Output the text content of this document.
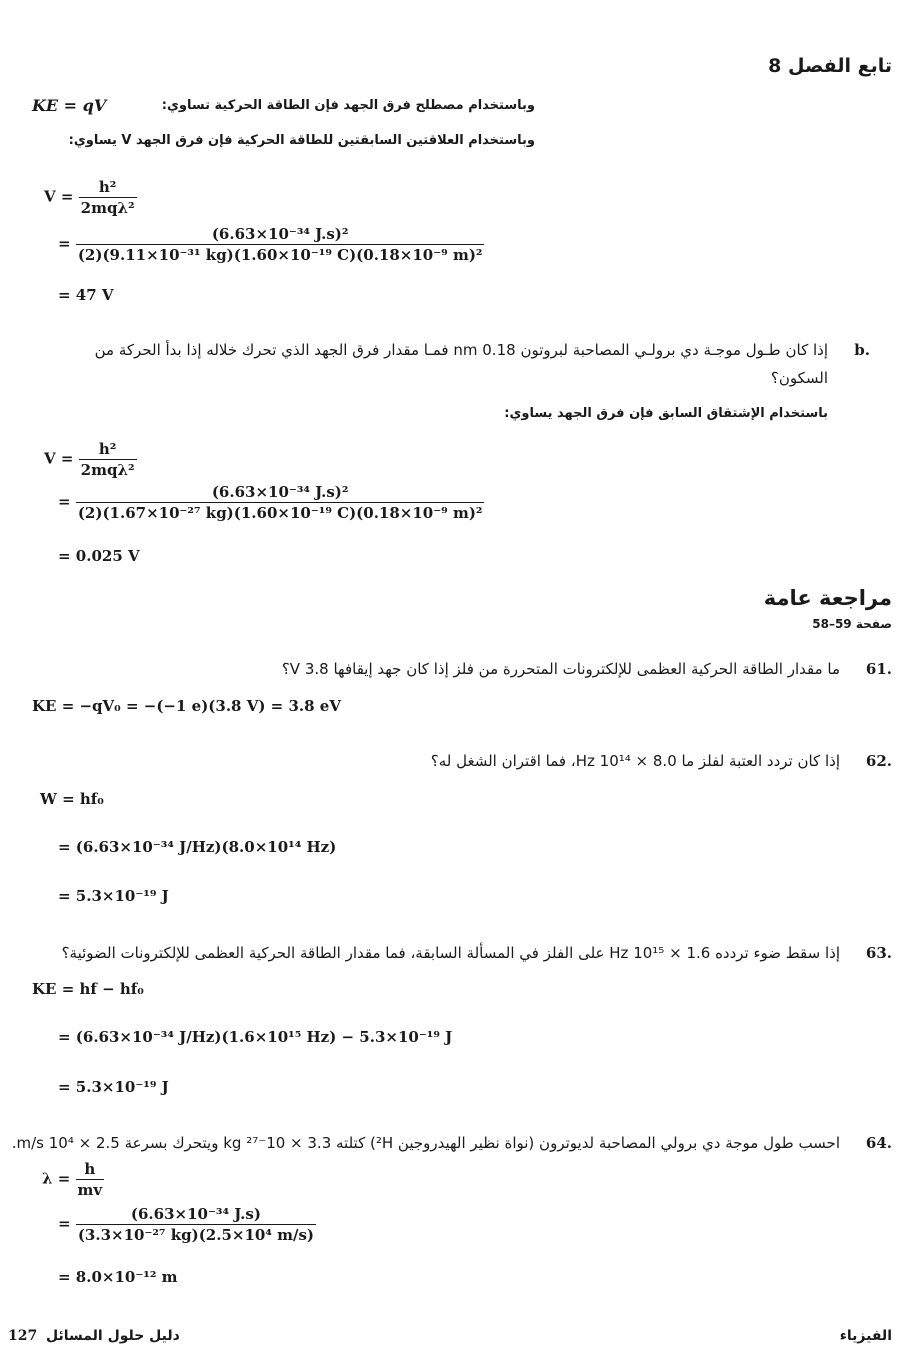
تابع الفصل 8
وباستخدام مصطلح فرق الجهد فإن الطاقة الحركية تساوي:
KE = qV
وباستخدام العلاقتين السابقتين للطاقة الحركية فإن فرق الجهد V يساوي:
$V = \frac{\text{h²}}{\text{2mqλ²}}$
= $\frac{\text{(6.63×10⁻³⁴ J.s)²}}{\text{(2)(9.11×10⁻³¹ kg)(1.60×10⁻¹⁹ C)(0.18×10⁻⁹ m)²}}$
= 47 V
b.
إذا كان طـول موجـة دي برولـي المصاحبة لبروتون 0.18 nm فمـا مقدار فرق الجهد الذي تحرك خلاله إذا بدأ الحركة من
السكون؟
باستخدام الإشتقاق السابق فإن فرق الجهد يساوي:
$V = \frac{\text{h²}}{\text{2mqλ²}}$
= $\frac{\text{(6.63×10⁻³⁴ J.s)²}}{\text{(2)(1.67×10⁻²⁷ kg)(1.60×10⁻¹⁹ C)(0.18×10⁻⁹ m)²}}$
= 0.025 V
مراجعة عامة
صفحة 59–58
61.
ما مقدار الطاقة الحركية العظمى للإلكترونات المتحررة من فلز إذا كان جهد إيقافها 3.8 V؟
KE = −qV₀ = −(−1 e)(3.8 V) = 3.8 eV
62.
إذا كان تردد العتبة لفلز ما 8.0 × 10¹⁴ Hz، فما اقتران الشغل له؟
W = hf₀
= (6.63×10⁻³⁴ J/Hz)(8.0×10¹⁴ Hz)
= 5.3×10⁻¹⁹ J
63.
إذا سقط ضوء تردده 1.6 × 10¹⁵ Hz على الفلز في المسألة السابقة، فما مقدار الطاقة الحركية العظمى للإلكترونات الضوئية؟
KE = hf − hf₀
= (6.63×10⁻³⁴ J/Hz)(1.6×10¹⁵ Hz) − 5.3×10⁻¹⁹ J
= 5.3×10⁻¹⁹ J
64.
احسب طول موجة دي برولي المصاحبة لديوترون (نواة نظير الهيدروجين ²H) كتلته 3.3 × 10⁻²⁷ kg ويتحرك بسرعة 2.5 × 10⁴ m/s.
$\lambda = \frac{h}{mv}$
= $\frac{\text{(6.63×10⁻³⁴ J.s)}}{\text{(3.3×10⁻²⁷ kg)(2.5×10⁴ m/s)}}$
= 8.0×10⁻¹² m
127 دليل حلول المسائل	الفيزياء
